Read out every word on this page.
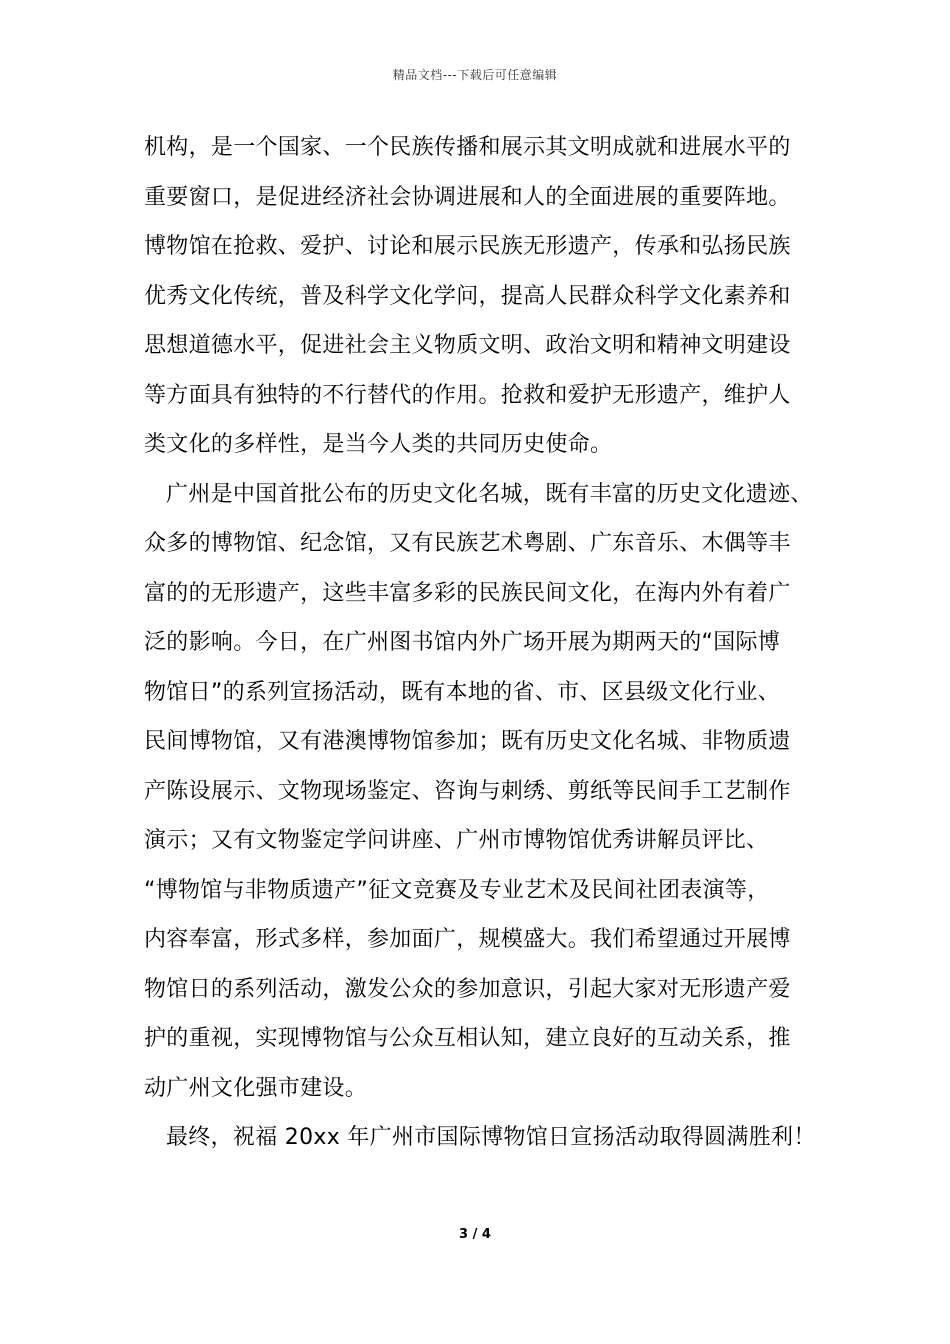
精品文档---下载后可任意编辑
机构，是一个国家、一个民族传播和展示其文明成就和进展水平的
重要窗口，是促进经济社会协调进展和人的全面进展的重要阵地。
博物馆在抢救、爱护、讨论和展示民族无形遗产，传承和弘扬民族
优秀文化传统，普及科学文化学问，提高人民群众科学文化素养和
思想道德水平，促进社会主义物质文明、政治文明和精神文明建设
等方面具有独特的不行替代的作用。抢救和爱护无形遗产，维护人
类文化的多样性，是当今人类的共同历史使命。
广州是中国首批公布的历史文化名城，既有丰富的历史文化遗迹、
众多的博物馆、纪念馆，又有民族艺术粤剧、广东音乐、木偶等丰
富的的无形遗产，这些丰富多彩的民族民间文化，在海内外有着广
泛的影响。今日，在广州图书馆内外广场开展为期两天的“国际博
物馆日”的系列宣扬活动，既有本地的省、市、区县级文化行业、
民间博物馆，又有港澳博物馆参加；既有历史文化名城、非物质遗
产陈设展示、文物现场鉴定、咨询与刺绣、剪纸等民间手工艺制作
演示；又有文物鉴定学问讲座、广州市博物馆优秀讲解员评比、
“博物馆与非物质遗产”征文竞赛及专业艺术及民间社团表演等，
内容奉富，形式多样，参加面广，规模盛大。我们希望通过开展博
物馆日的系列活动，激发公众的参加意识，引起大家对无形遗产爱
护的重视，实现博物馆与公众互相认知，建立良好的互动关系，推
动广州文化强市建设。
最终，祝福 20xx 年广州市国际博物馆日宣扬活动取得圆满胜利！
3 / 4
